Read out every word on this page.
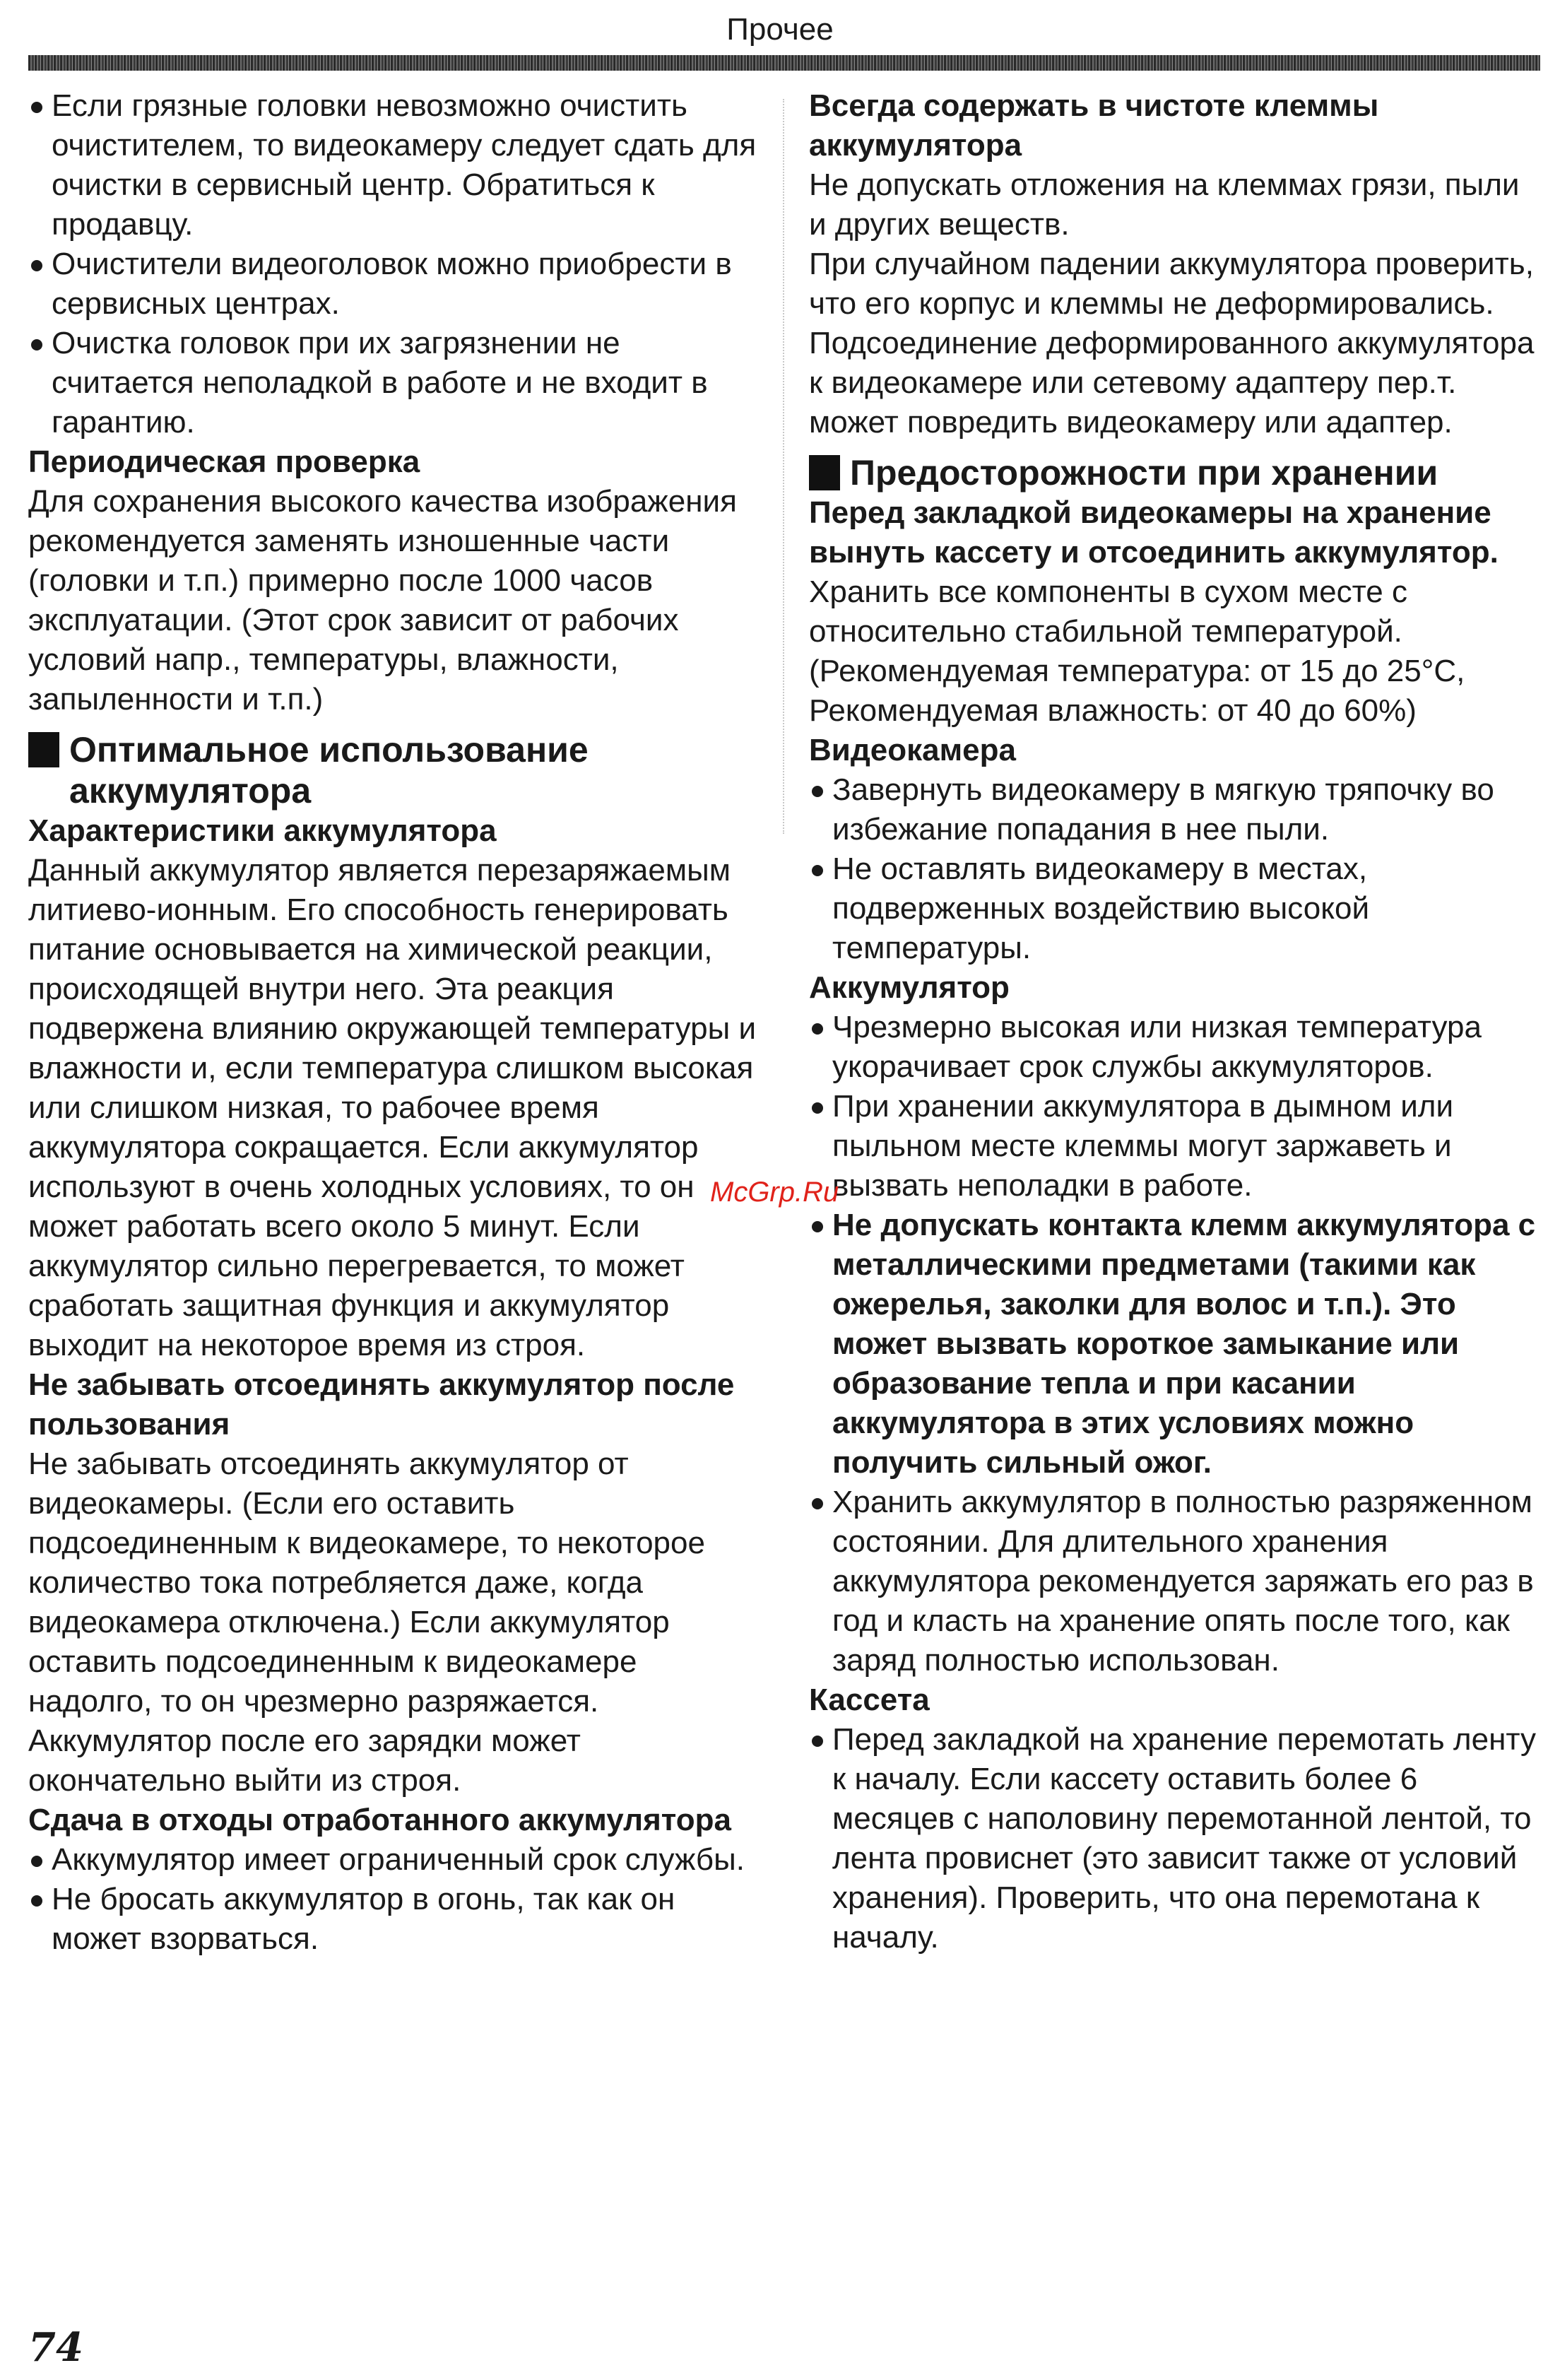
Прочее
Если грязные головки невозможно очистить очистителем, то видеокамеру следует сдать для очистки в сервисный центр. Обратиться к продавцу.
Очистители видеоголовок можно приобрести в сервисных центрах.
Очистка головок при их загрязнении не считается неполадкой в работе и не входит в гарантию.
Периодическая проверка

Для сохранения высокого качества изображения рекомендуется заменять изношенные части (головки и т.п.) примерно после 1000 часов эксплуатации. (Этот срок зависит от рабочих условий напр., температуры, влажности, запыленности и т.п.)

Оптимальное использование аккумулятора
Характеристики аккумулятора

Данный аккумулятор является перезаряжаемым литиево-ионным. Его способность генерировать питание основывается на химической реакции, происходящей внутри него. Эта реакция подвержена влиянию окружающей температуры и влажности и, если температура слишком высокая или слишком низкая, то рабочее время аккумулятора сокращается. Если аккумулятор используют в очень холодных условиях, то он может работать всего около 5 минут. Если аккумулятор сильно перегревается, то может сработать защитная функция и аккумулятор выходит на некоторое время из строя.

Не забывать отсоединять аккумулятор после пользования

Не забывать отсоединять аккумулятор от видеокамеры. (Если его оставить подсоединенным к видеокамере, то некоторое количество тока потребляется даже, когда видеокамера отключена.) Если аккумулятор оставить подсоединенным к видеокамере надолго, то он чрезмерно разряжается. Аккумулятор после его зарядки может окончательно выйти из строя.

Сдача в отходы отработанного аккумулятора
Аккумулятор имеет ограниченный срок службы.
Не бросать аккумулятор в огонь, так как он может взорваться.
Всегда содержать в чистоте клеммы аккумулятора

Не допускать отложения на клеммах грязи, пыли и других веществ.

При случайном падении аккумулятора проверить, что его корпус и клеммы не деформировались.

Подсоединение деформированного аккумулятора к видеокамере или сетевому адаптеру пер.т. может повредить видеокамеру или адаптер.

Предосторожности при хранении
Перед закладкой видеокамеры на хранение вынуть кассету и отсоединить аккумулятор.

Хранить все компоненты в сухом месте с относительно стабильной температурой.

(Рекомендуемая температура: от 15 до 25°C,

Рекомендуемая влажность: от 40 до 60%)

Видеокамера
Завернуть видеокамеру в мягкую тряпочку во избежание попадания в нее пыли.
Не оставлять видеокамеру в местах, подверженных воздействию высокой температуры.
Аккумулятор
Чрезмерно высокая или низкая температура укорачивает срок службы аккумуляторов.
При хранении аккумулятора в дымном или пыльном месте клеммы могут заржаветь и вызвать неполадки в работе.
Не допускать контакта клемм аккумулятора с металлическими предметами (такими как ожерелья, заколки для волос и т.п.). Это может вызвать короткое замыкание или образование тепла и при касании аккумулятора в этих условиях можно получить сильный ожог.
Хранить аккумулятор в полностью разряженном состоянии. Для длительного хранения аккумулятора рекомендуется заряжать его раз в год и класть на хранение опять после того, как заряд полностью использован.
Кассета
Перед закладкой на хранение перемотать ленту к началу. Если кассету оставить более 6 месяцев с наполовину перемотанной лентой, то лента провиснет (это зависит также от условий хранения). Проверить, что она перемотана к началу.
McGrp.Ru
74
